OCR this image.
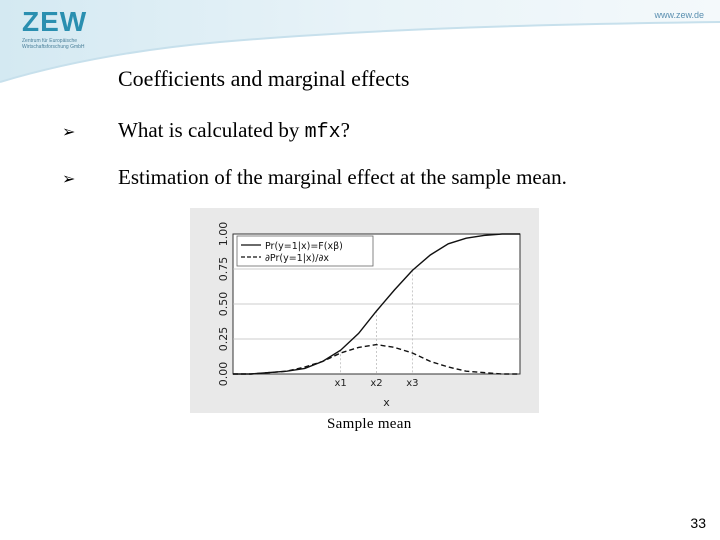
ZEW
Zentrum für Europäische Wirtschaftsforschung GmbH
www.zew.de
Coefficients and marginal effects
➢	What is calculated by mfx?
➢	Estimation of the marginal effect at the sample mean.
0.00
0.25
0.50
0.75
1.00
x1 x2 x3
Pr(y=1|x)=F(xβ)
∂Pr(y=1|x)/∂x
x
Sample mean
33
